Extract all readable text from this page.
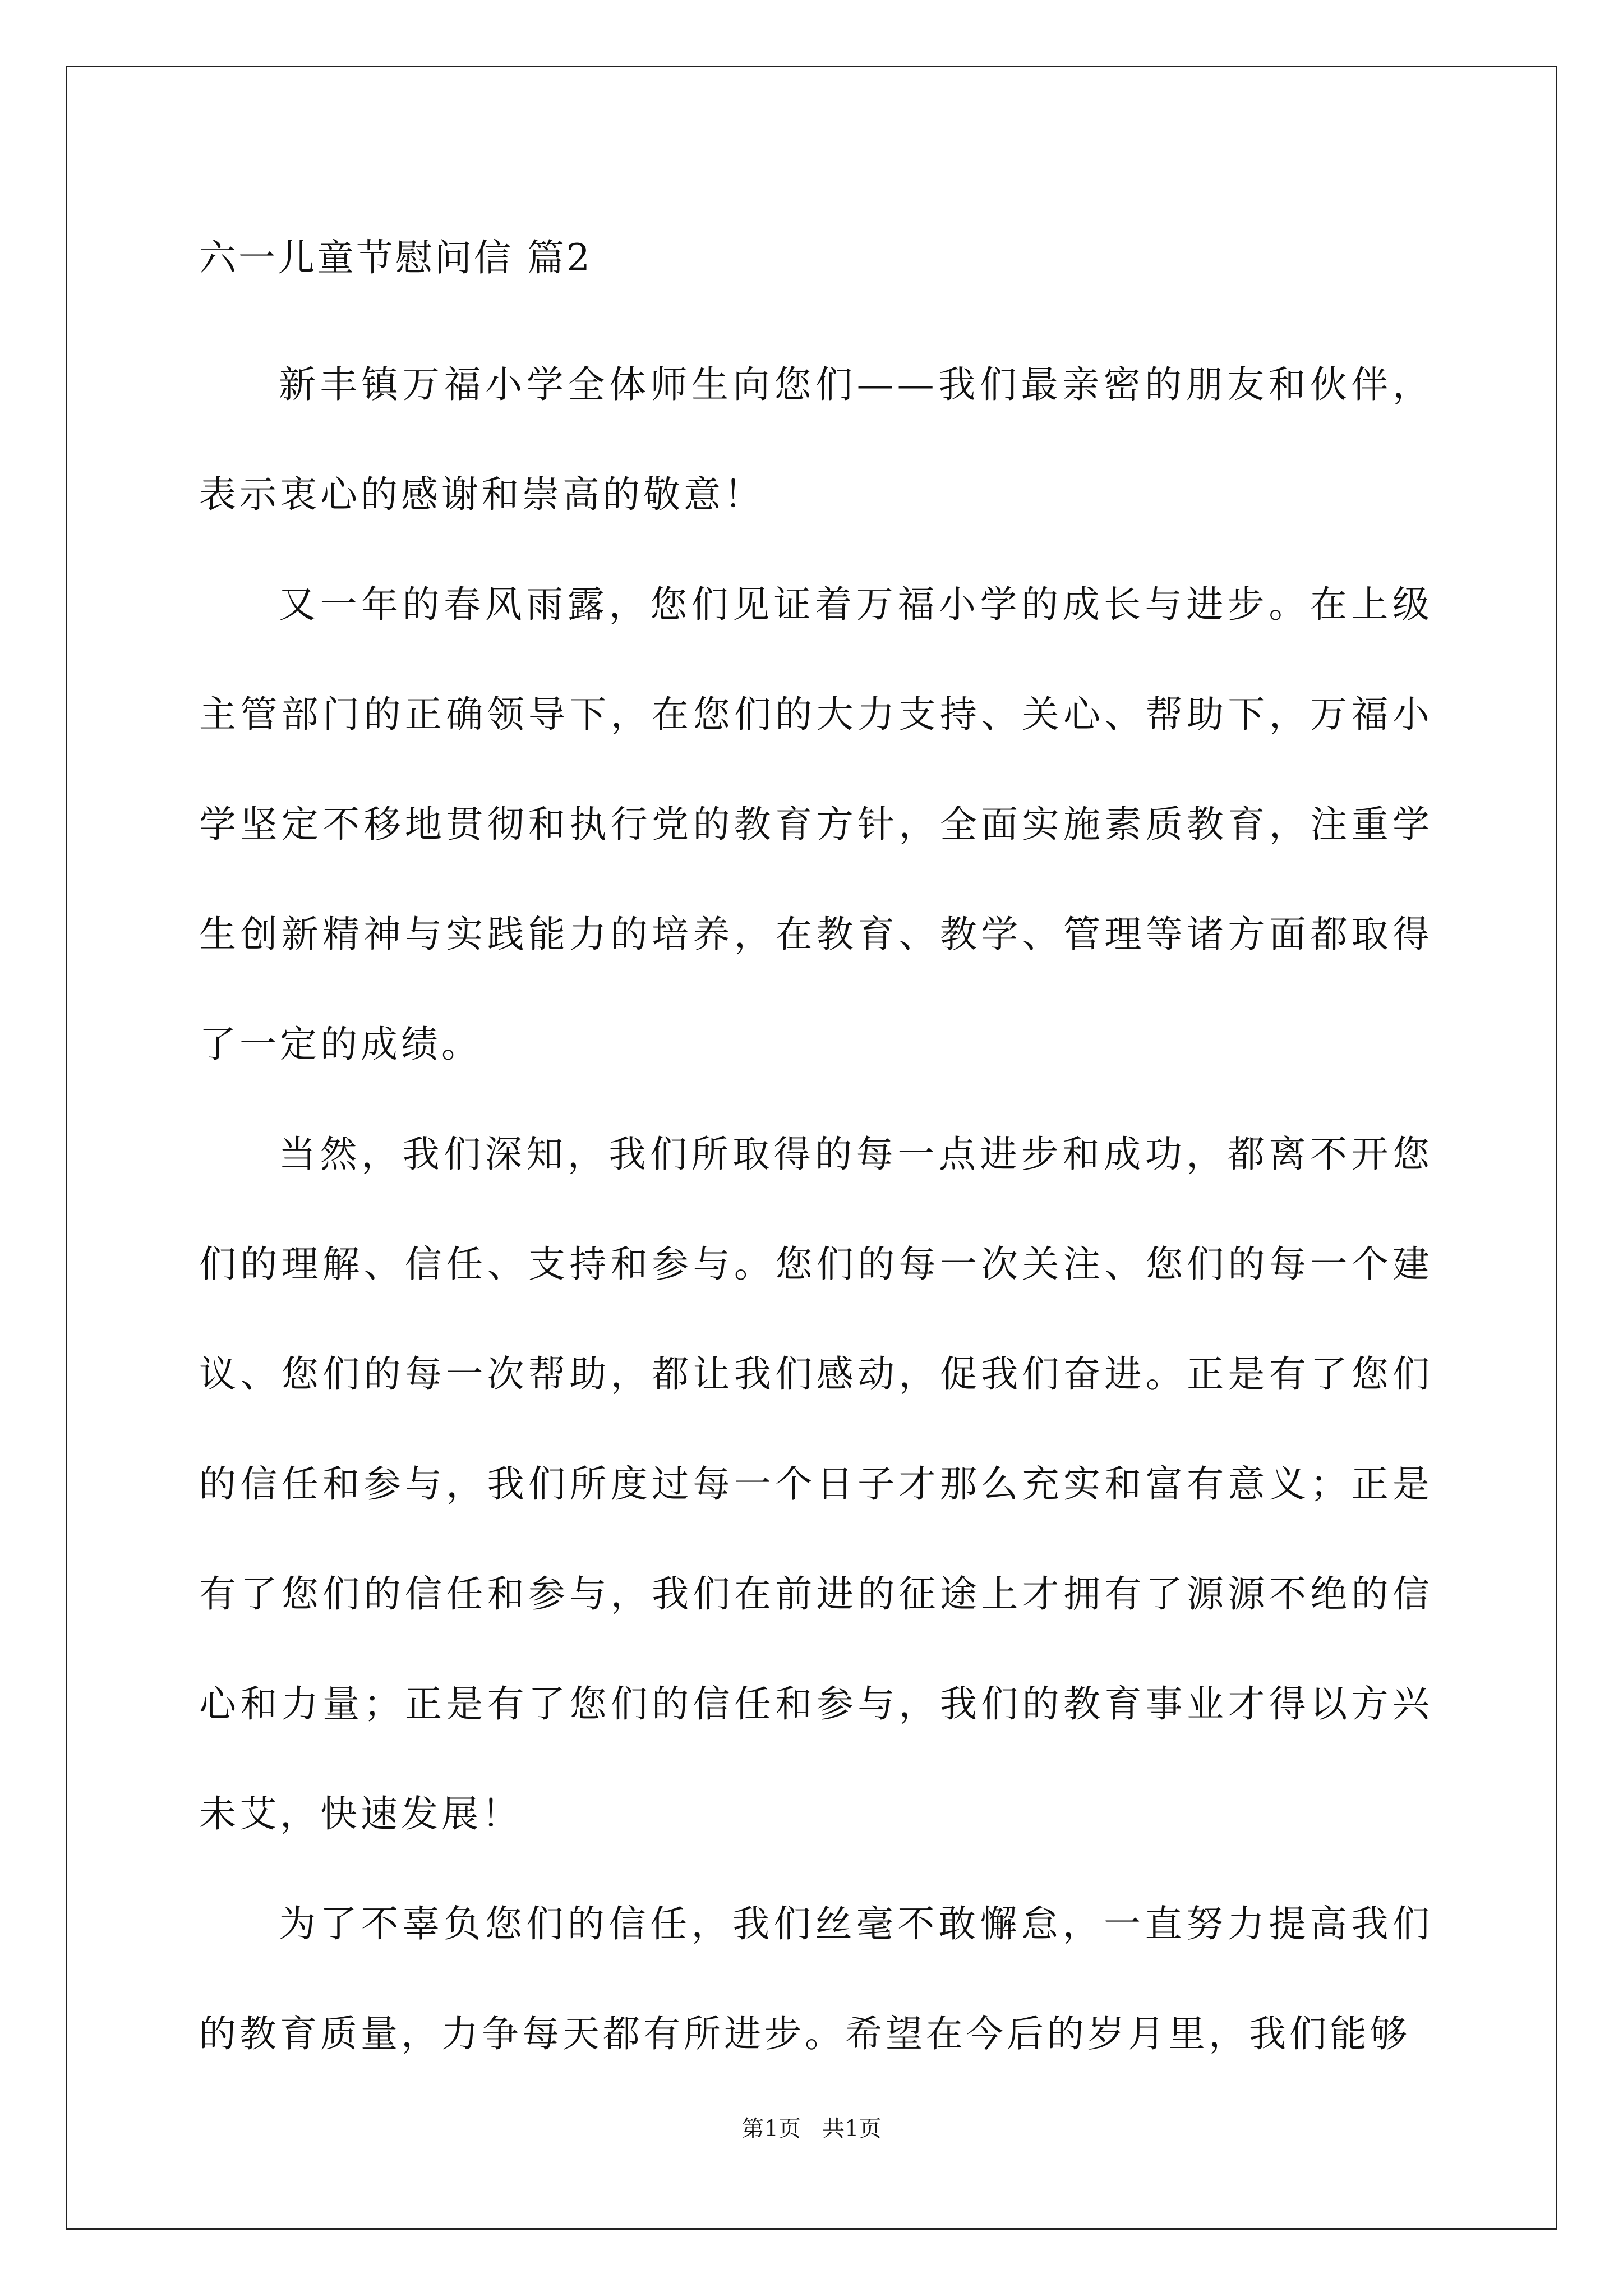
六一儿童节慰问信 篇2

新丰镇万福小学全体师生向您们——我们最亲密的朋友和伙伴，表示衷心的感谢和崇高的敬意！

又一年的春风雨露，您们见证着万福小学的成长与进步。在上级主管部门的正确领导下，在您们的大力支持、关心、帮助下，万福小学坚定不移地贯彻和执行党的教育方针，全面实施素质教育，注重学生创新精神与实践能力的培养，在教育、教学、管理等诸方面都取得了一定的成绩。

当然，我们深知，我们所取得的每一点进步和成功，都离不开您们的理解、信任、支持和参与。您们的每一次关注、您们的每一个建议、您们的每一次帮助，都让我们感动，促我们奋进。正是有了您们的信任和参与，我们所度过每一个日子才那么充实和富有意义；正是有了您们的信任和参与，我们在前进的征途上才拥有了源源不绝的信心和力量；正是有了您们的信任和参与，我们的教育事业才得以方兴未艾，快速发展！

为了不辜负您们的信任，我们丝毫不敢懈怠，一直努力提高我们的教育质量，力争每天都有所进步。希望在今后的岁月里，我们能够

第1页   共1页
